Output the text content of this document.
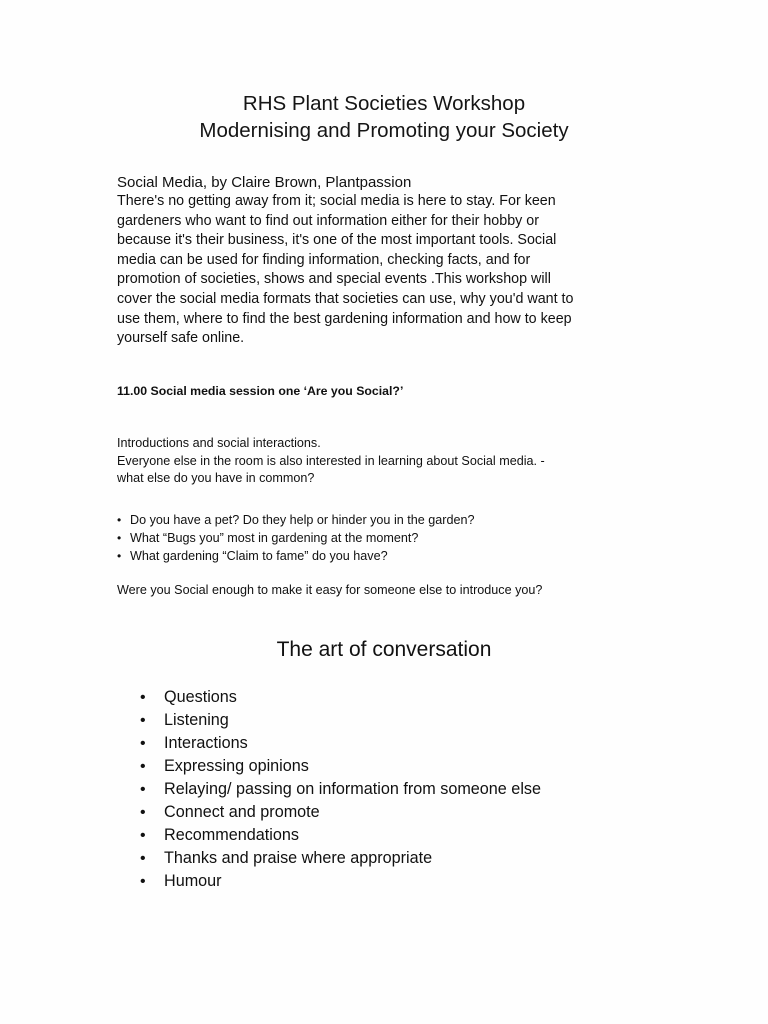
RHS Plant Societies Workshop
Modernising and Promoting your Society

Social Media, by Claire Brown, Plantpassion

There's no getting away from it; social media is here to stay. For keen

gardeners who want to find out information either for their hobby or

because it's their business, it's one of the most important tools. Social

media can be used for finding information, checking facts, and for

promotion of societies, shows and special events .This workshop will

cover the social media formats that societies can use, why you'd want to

use them, where to find the best gardening information and how to keep

yourself safe online.

11.00 Social media session one ‘Are you Social?’

Introductions and social interactions.
Everyone else in the room is also interested in learning about Social media. -
what else do you have in common?
• Do you have a pet? Do they help or hinder you in the garden?
• What “Bugs you” most in gardening at the moment?
• What gardening “Claim to fame” do you have?

Were you Social enough to make it easy for someone else to introduce you?

The art of conversation
•	Questions
•	Listening
•	Interactions
•	Expressing opinions
•	Relaying/ passing on information from someone else
•	Connect and promote
•	Recommendations
•	Thanks and praise where appropriate
•	Humour
